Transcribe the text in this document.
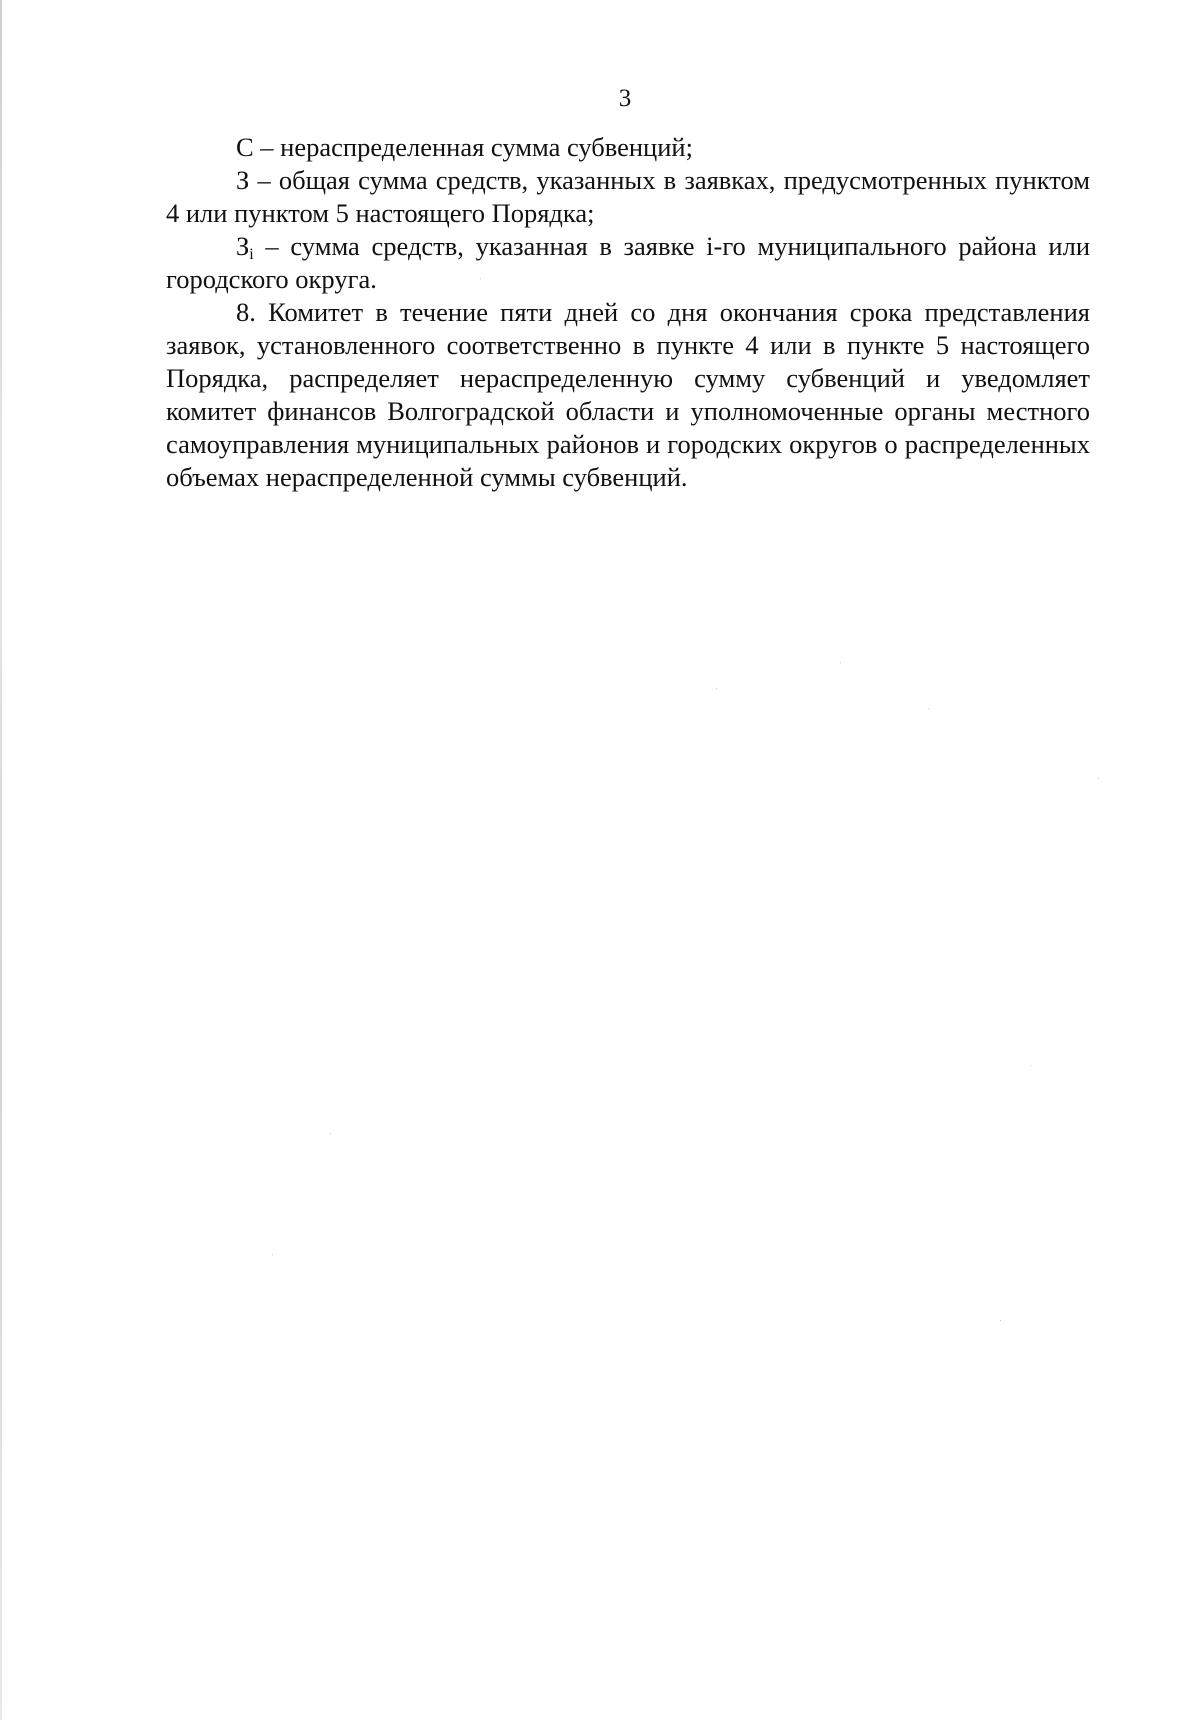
3

С – нераспределенная сумма субвенций;

З – общая сумма средств, указанных в заявках, предусмотренных пунктом 4 или пунктом 5 настоящего Порядка;

$З_i$ – сумма средств, указанная в заявке i-го муниципального района или городского округа.

8. Комитет в течение пяти дней со дня окончания срока представления заявок, установленного соответственно в пункте 4 или в пункте 5 настоящего Порядка, распределяет нераспределенную сумму субвенций и уведомляет комитет финансов Волгоградской области и уполномоченные органы местного самоуправления муниципальных районов и городских округов о распределенных объемах нераспределенной суммы субвенций.
